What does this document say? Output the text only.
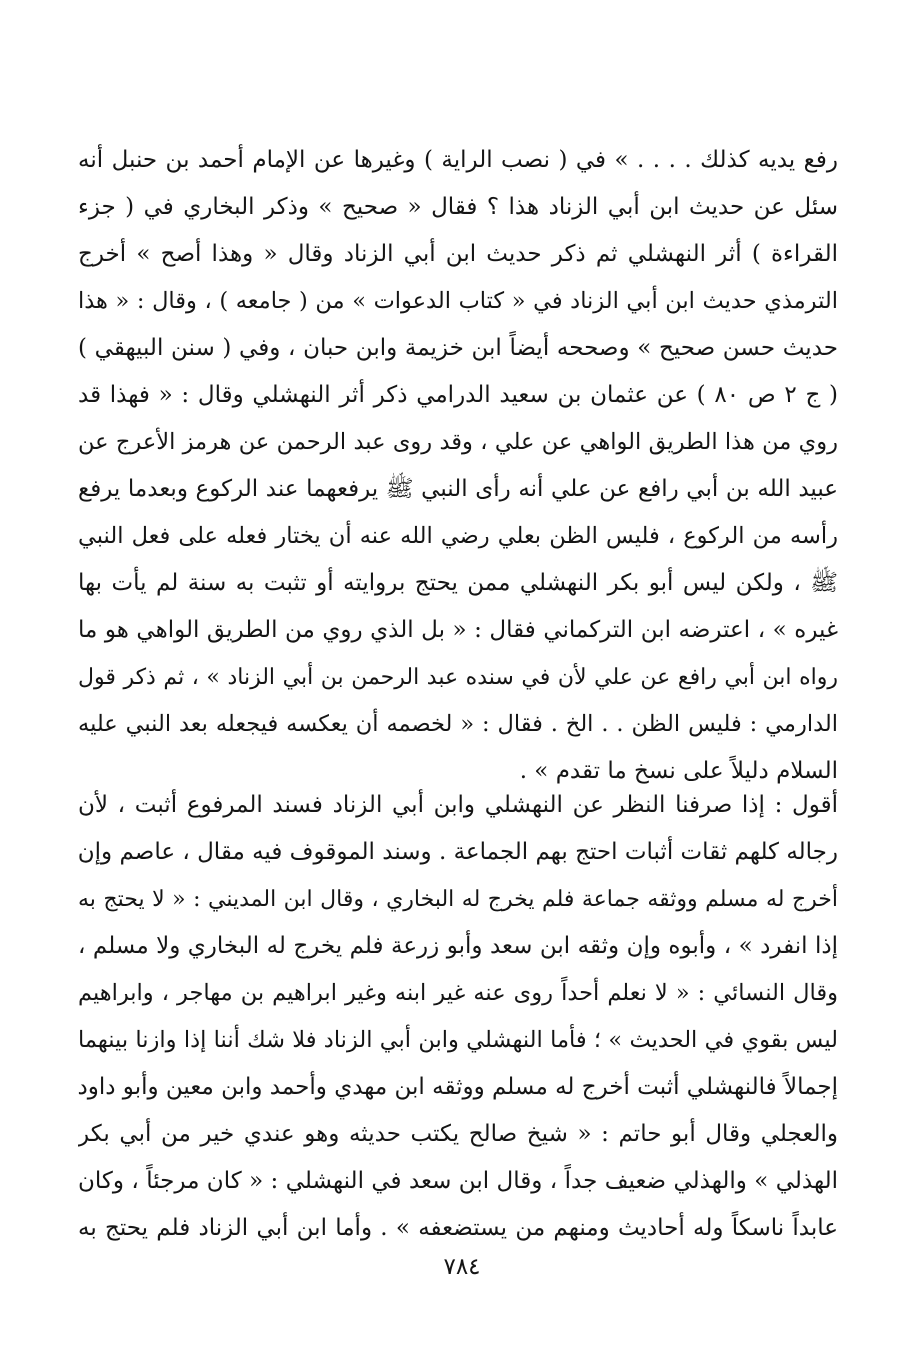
رفع يديه كذلك . . . . » في ( نصب الراية ) وغيرها عن الإمام أحمد بن حنبل أنه
سئل عن حديث ابن أبي الزناد هذا ؟ فقال « صحيح » وذكر البخاري في ( جزء
القراءة ) أثر النهشلي ثم ذكر حديث ابن أبي الزناد وقال « وهذا أصح » أخرج
الترمذي حديث ابن أبي الزناد في « كتاب الدعوات » من ( جامعه ) ، وقال : « هذا
حديث حسن صحيح » وصححه أيضاً ابن خزيمة وابن حبان ، وفي ( سنن البيهقي )
( ج ٢ ص ٨٠ ) عن عثمان بن سعيد الدرامي ذكر أثر النهشلي وقال : « فهذا قد
روي من هذا الطريق الواهي عن علي ، وقد روى عبد الرحمن عن هرمز الأعرج عن
عبيد الله بن أبي رافع عن علي أنه رأى النبي ﷺ يرفعهما عند الركوع وبعدما يرفع
رأسه من الركوع ، فليس الظن بعلي رضي الله عنه أن يختار فعله على فعل النبي
ﷺ ، ولكن ليس أبو بكر النهشلي ممن يحتج بروايته أو تثبت به سنة لم يأت بها
غيره » ، اعترضه ابن التركماني فقال : « بل الذي روي من الطريق الواهي هو ما
رواه ابن أبي رافع عن علي لأن في سنده عبد الرحمن بن أبي الزناد » ، ثم ذكر قول
الدارمي : فليس الظن . . الخ . فقال : « لخصمه أن يعكسه فيجعله بعد النبي عليه
السلام دليلاً على نسخ ما تقدم » .
أقول : إذا صرفنا النظر عن النهشلي وابن أبي الزناد فسند المرفوع أثبت ، لأن
رجاله كلهم ثقات أثبات احتج بهم الجماعة . وسند الموقوف فيه مقال ، عاصم وإن
أخرج له مسلم ووثقه جماعة فلم يخرج له البخاري ، وقال ابن المديني : « لا يحتج به
إذا انفرد » ، وأبوه وإن وثقه ابن سعد وأبو زرعة فلم يخرج له البخاري ولا مسلم ،
وقال النسائي : « لا نعلم أحداً روى عنه غير ابنه وغير ابراهيم بن مهاجر ، وابراهيم
ليس بقوي في الحديث » ؛ فأما النهشلي وابن أبي الزناد فلا شك أننا إذا وازنا بينهما
إجمالاً فالنهشلي أثبت أخرج له مسلم ووثقه ابن مهدي وأحمد وابن معين وأبو داود
والعجلي وقال أبو حاتم : « شيخ صالح يكتب حديثه وهو عندي خير من أبي بكر
الهذلي » والهذلي ضعيف جداً ، وقال ابن سعد في النهشلي : « كان مرجئاً ، وكان
عابداً ناسكاً وله أحاديث ومنهم من يستضعفه » . وأما ابن أبي الزناد فلم يحتج به
٧٨٤
